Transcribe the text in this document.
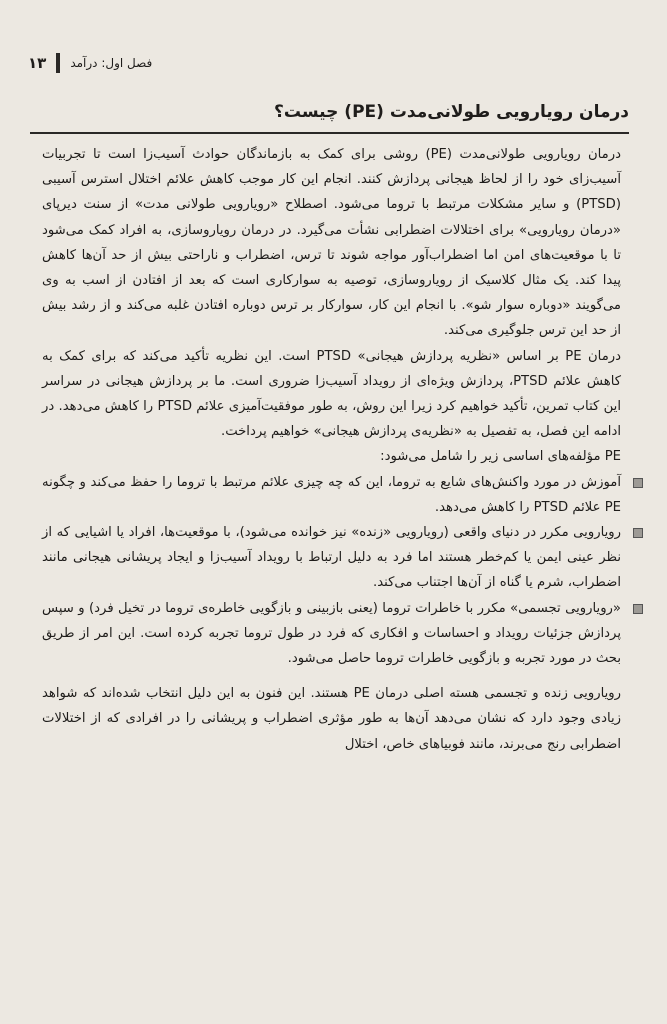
۱۳ فصل اول: درآمد
درمان رویارویی طولانی‌مدت (PE) چیست؟

درمان رویارویی طولانی‌مدت (PE) روشی برای کمک به بازماندگان حوادث آسیب‌زا است تا تجربیات آسیب‌زای خود را از لحاظ هیجانی پردازش کنند. انجام این کار موجب کاهش علائم اختلال استرس آسیبی (PTSD) و سایر مشکلات مرتبط با تروما می‌شود. اصطلاح «رویارویی طولانی مدت» از سنت دیرپای «درمان رویارویی» برای اختلالات اضطرابی نشأت می‌گیرد. در درمان رویاروسازی، به افراد کمک می‌شود تا با موقعیت‌های امن اما اضطراب‌آور مواجه شوند تا ترس، اضطراب و ناراحتی بیش از حد آن‌ها کاهش پیدا کند. یک مثال کلاسیک از رویاروسازی، توصیه به سوارکاری است که بعد از افتادن از اسب به وی می‌گویند «دوباره سوار شو». با انجام این کار، سوارکار بر ترس دوباره افتادن غلبه می‌کند و از رشد بیش از حد این ترس جلوگیری می‌کند.

درمان PE بر اساس «نظریه پردازش هیجانی» PTSD است. این نظریه تأکید می‌کند که برای کمک به کاهش علائم PTSD، پردازش ویژه‌ای از رویداد آسیب‌زا ضروری است. ما بر پردازش هیجانی در سراسر این کتاب تمرین، تأکید خواهیم کرد زیرا این روش، به طور موفقیت‌آمیزی علائم PTSD را کاهش می‌دهد. در ادامه این فصل، به تفصیل به «نظریه‌ی پردازش هیجانی» خواهیم پرداخت.

PE مؤلفه‌های اساسی زیر را شامل می‌شود:

آموزش در مورد واکنش‌های شایع به تروما، این که چه چیزی علائم مرتبط با تروما را حفظ می‌کند و چگونه PE علائم PTSD را کاهش می‌دهد.
رویارویی مکرر در دنیای واقعی (رویارویی «زنده» نیز خوانده می‌شود)، با موقعیت‌ها، افراد یا اشیایی که از نظر عینی ایمن یا کم‌خطر هستند اما فرد به دلیل ارتباط با رویداد آسیب‌زا و ایجاد پریشانی هیجانی مانند اضطراب، شرم یا گناه از آن‌ها اجتناب می‌کند.
«رویارویی تجسمی» مکرر با خاطرات تروما (یعنی بازبینی و بازگویی خاطره‌ی تروما در تخیل فرد) و سپس پردازش جزئیات رویداد و احساسات و افکاری که فرد در طول تروما تجربه کرده است. این امر از طریق بحث در مورد تجربه و بازگویی خاطرات تروما حاصل می‌شود.

رویارویی زنده و تجسمی هسته اصلی درمان PE هستند. این فنون به این دلیل انتخاب شده‌اند که شواهد زیادی وجود دارد که نشان می‌دهد آن‌ها به طور مؤثری اضطراب و پریشانی را در افرادی که از اختلالات اضطرابی رنج می‌برند، مانند فوبیاهای خاص، اختلال
